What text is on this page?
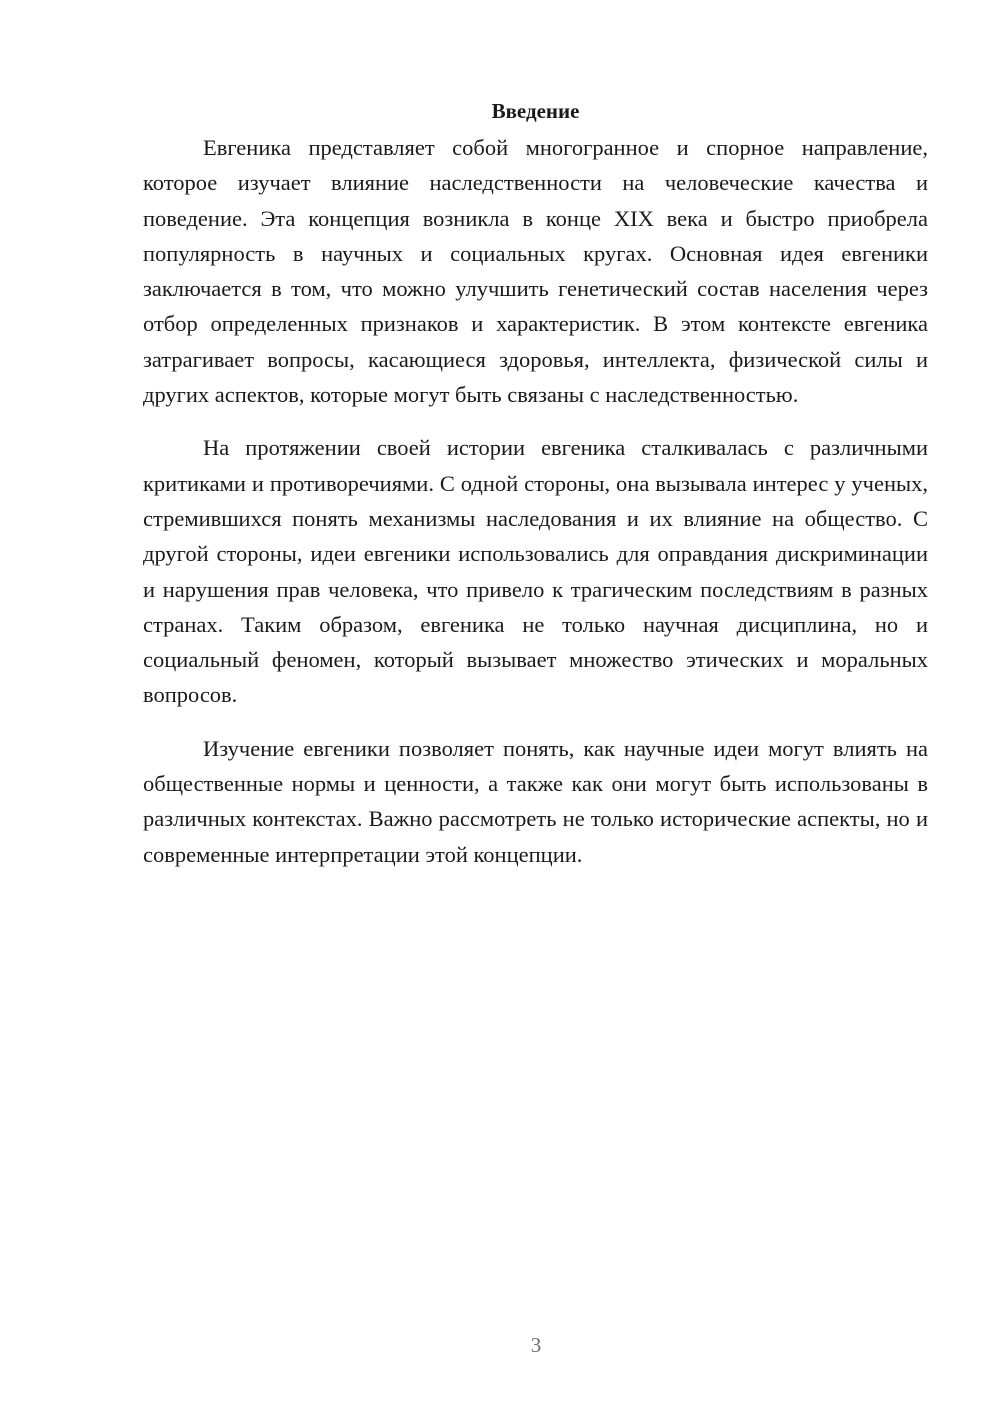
Введение

Евгеника представляет собой многогранное и спорное направление, которое изучает влияние наследственности на человеческие качества и поведение. Эта концепция возникла в конце XIX века и быстро приобрела популярность в научных и социальных кругах. Основная идея евгеники заключается в том, что можно улучшить генетический состав населения через отбор определенных признаков и характеристик. В этом контексте евгеника затрагивает вопросы, касающиеся здоровья, интеллекта, физической силы и других аспектов, которые могут быть связаны с наследственностью.

На протяжении своей истории евгеника сталкивалась с различными критиками и противоречиями. С одной стороны, она вызывала интерес у ученых, стремившихся понять механизмы наследования и их влияние на общество. С другой стороны, идеи евгеники использовались для оправдания дискриминации и нарушения прав человека, что привело к трагическим последствиям в разных странах. Таким образом, евгеника не только научная дисциплина, но и социальный феномен, который вызывает множество этических и моральных вопросов.

Изучение евгеники позволяет понять, как научные идеи могут влиять на общественные нормы и ценности, а также как они могут быть использованы в различных контекстах. Важно рассмотреть не только исторические аспекты, но и современные интерпретации этой концепции.

3
